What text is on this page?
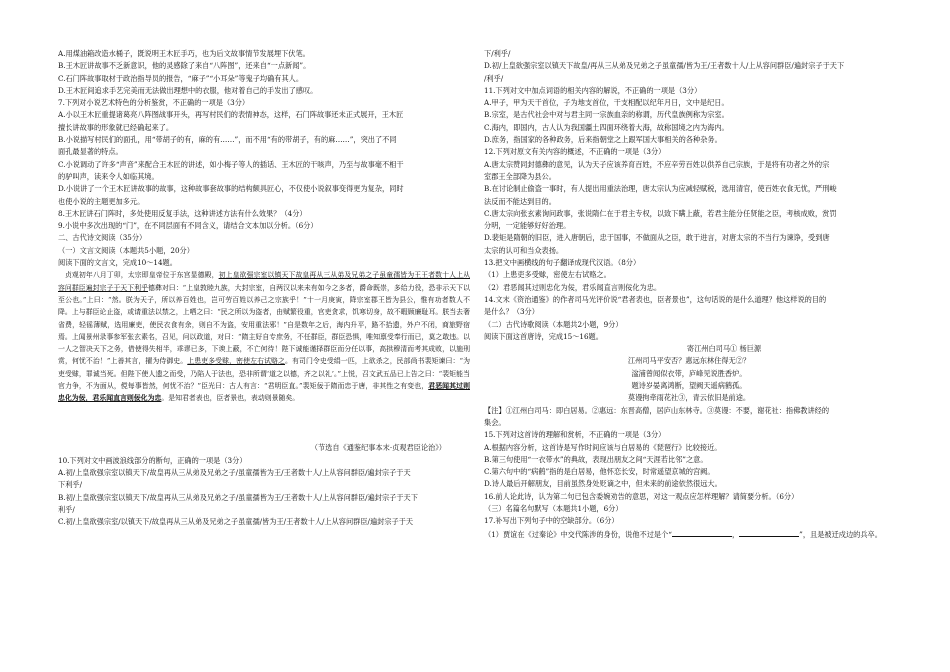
A.用煤油箱改造水桶子，既说明王木匠手巧，也为后文故事情节发展埋下伏笔。
B.王木匠讲故事不乏新意识，他的灵感除了来自“八阵图”，还来自“一点新闻”。
C.石门阵故事取材于政治指导员的报告，“麻子”“小耳朵”等鬼子均确有其人。
D.王木匠间追求手艺完美而无法做出理想中的衣服，他对着自己的手发出了感叹。
7.下列对小说艺术特色的分析鉴赏，不正确的一项是（3分）
A.小以王木匠重提诸葛亮八阵图战事开头，再写村民们的表情神态，这样，石门阵故事还未正式展开，王木匠
擅长讲故事的形象就已经确起来了。
B.小说描写村民们的面孔，用“带胡子的有，麻的有……”，而不用“有的带胡子，有的麻……”，突出了不同
面孔最显著的特点。
C.小说调动了许多“声音”来配合王木匠的讲述，如小梅子等人的插话、王木匠的干咳声，乃至与故事毫不相干
的驴叫声，读来令人如临其境。
D.小说讲了一个王木匠讲故事的故事，这种故事套故事的结构颇具匠心，不仅使小说叙事变得更为复杂，同时
也使小说的主题更加多元。
8.王木匠讲石门阵时，多处使用反复手法，这种讲述方法有什么效果？（4分）
9.小说中多次出现的“门”，在不同层面有不同含义，请结合文本加以分析。（6分）
二、古代诗文阅读（35分）
（一）文言文阅读（本题共5小题，20分）
阅读下面的文言文，完成10～14题。
贞观初年八月丁卯，太宗即皇帝位于东宫显德殿，初上皇欲强宗室以镇天下故皇再从三从弟及兄弟之子虽童孺皆为王王者数十人上从容问群臣遍封宗子于天下利乎德彝对曰：“上皇敦睦九族，大封宗室，自两汉以来未有如今之多者，爵命既崇，多给力役，恐非示天下以至公也。”上曰：“然。朕为天子，所以养百姓也，岂可劳百姓以养己之宗族乎！”十一月庚寅，降宗室郡王皆为县公，惟有功者数人不降。上与群臣论止盗，或请重法以禁之，上哂之曰：“民之所以为盗者，由赋繁役重，官吏贪求，饥寒切身，故不暇顾廉耻耳。朕当去奢省费，轻徭薄赋，选用廉吏，使民衣食有余，则自不为盗，安用重法邪！”自是数年之后，海内升平，路不拾遗，外户不闭，商旅野宿焉。上闻景州录事参军张玄素名，召见，问以政道，对曰：“隋主好自专庶务，不任群臣，群臣恐惧，唯知禀受奉行而已，莫之敢违。以一人之智决天下之务，借使得失相半，乖谬已多，下谀上蔽，不亡何待！陛下诚能谨择群臣而分任以事，高拱穆清而考其成败，以施刑赏，何忧不治！”上善其言，擢为侍御史。上患吏多受赇，密使左右试赂之。有司门令史受绢一匹，上欲杀之，民部尚书裴矩谏曰：“为吏受赇，罪诚当死。但陛下使人遗之而受，乃陷人于法也，恐非所谓‘道之以德，齐之以礼’。”上悦，召文武五品已上告之曰：“裴矩能当官力争，不为面从，傥每事皆然，何忧不治？”臣光曰：古人有言：“君明臣直。”裴矩佞于隋而忠于唐，非其性之有变也，君恶闻其过则忠化为佞，君乐闻直言则佞化为忠。是知君者表也，臣者景也，表动则景随矣。
（节选自《通鉴纪事本末·贞观君臣论治》）
10.下列对文中画波浪线部分的断句，正确的一项是（3分）
A.初/上皇欲强宗室以镇天下/故皇再从三从弟及兄弟之子/虽童孺皆为王/王者数十人/上从容问群臣/遍封宗子于天
下利乎/
B.初/上皇欲强宗室以镇天下/故皇再从三从弟及兄弟之子/虽童孺皆为王/王者数十人/上从容问群臣/遍封宗子于天下
利乎/
C.初/上皇欲强宗室/以镇天下/故皇再从三从弟及兄弟之子虽童孺/皆为王/王者数十人/上从容问群臣/遍封宗子于天
下/利乎/
D.初/上皇欲强宗室以镇天下故皇/再从三从弟及兄弟之子虽童孺/皆为王/王者数十人/上从容问群臣/遍封宗子于天下
/利乎/
11.下列对文中加点词语的相关内容的解说，不正确的一项是（3分）
A.甲子，甲为天干首位，子为地支首位，干支相配以纪年月日，文中是纪日。
B.宗室，是古代社会中对与君主同一宗族血亲的称谓，历代皇族例称为宗室。
C.海内，即国内，古人认为我国疆土四面环绕着大海，故称国境之内为海内。
D.庶务，指国家的各种政务，后来指朝堂之上跟军国大事相关的各种杂务。
12.下列对原文有关内容的概述，不正确的一项是（3分）
A.唐太宗赞同封德彝的意见，认为天子应该养育百姓，不应辛劳百姓以供养自己宗族，于是将有功者之外的宗
室郡王全部降为县公。
B.在讨论制止偷盗一事时，有人提出用重法治理，唐太宗认为应减轻赋税，选用清官，使百姓衣食无忧，严刑峻
法反而不能达到目的。
C.唐太宗向张玄素询问政事，张说隋仁在于君主专权，以致下瞒上蔽，若君主能分任贤能之臣，考核成败，赏罚
分明，一定能够好好治理。
D.裴矩是隋朝的旧臣，进入唐朝后，忠于国事，不做面从之臣，敢于进言，对唐太宗的不当行为谏诤，受到唐
太宗的认可和当众表扬。
13.把文中画横线的句子翻译成现代汉语。（8分）
（1）上患吏多受赇，密使左右试赂之。
（2）君恶闻其过则忠化为佞，君乐闻直言则佞化为忠。
14.文末《资治通鉴》的作者司马光评价说“君者表也，臣者景也”，这句话说的是什么道理？他这样说的目的
是什么？（3分）
（二）古代诗歌阅读（本题共2小题，9分）
阅读下面这首唐诗，完成15～16题。
寄江州白司马① 杨巨源
江州司马平安否？惠远东林住得无②？
湓浦曾闻似衣带，庐峰见说胜香炉。
题诗岁晏离鸿断，望阙天遥病鹤孤。
莫谩拘牵雨花社③，青云依旧是前途。
【注】①江州白司马：即白居易。②惠远：东晋高僧，居庐山东林寺。③莫谩：不要，谢花社：指佛教讲经的
集会。
15.下列对这首诗的理解和赏析，不正确的一项是（3分）
A.根据内容分析，这首诗是写作时间应该与白居易的《琵琶行》比较接近。
B.第三句使用“一衣带水”的典故，表现出朋友之间“天涯若比邻”之意。
C.第六句中的“病鹤”指的是白居易，他怀恋长安，时常遥望京城的宫阙。
D.诗人最后开解朋友，目前虽然身处贬谪之中，但未来的前途依然很远大。
16.前人论此诗，认为第二句已包含委婉劝告的意思，对这一观点应怎样理解？请简要分析。（6分）
（三）名篇名句默写（本题共1小题，6分）
17.补写出下列句子中的空缺部分。（6分）
（1）贾谊在《过秦论》中交代陈涉的身份，说他不过是个“	，	”，且是被迁戍边的兵卒。
